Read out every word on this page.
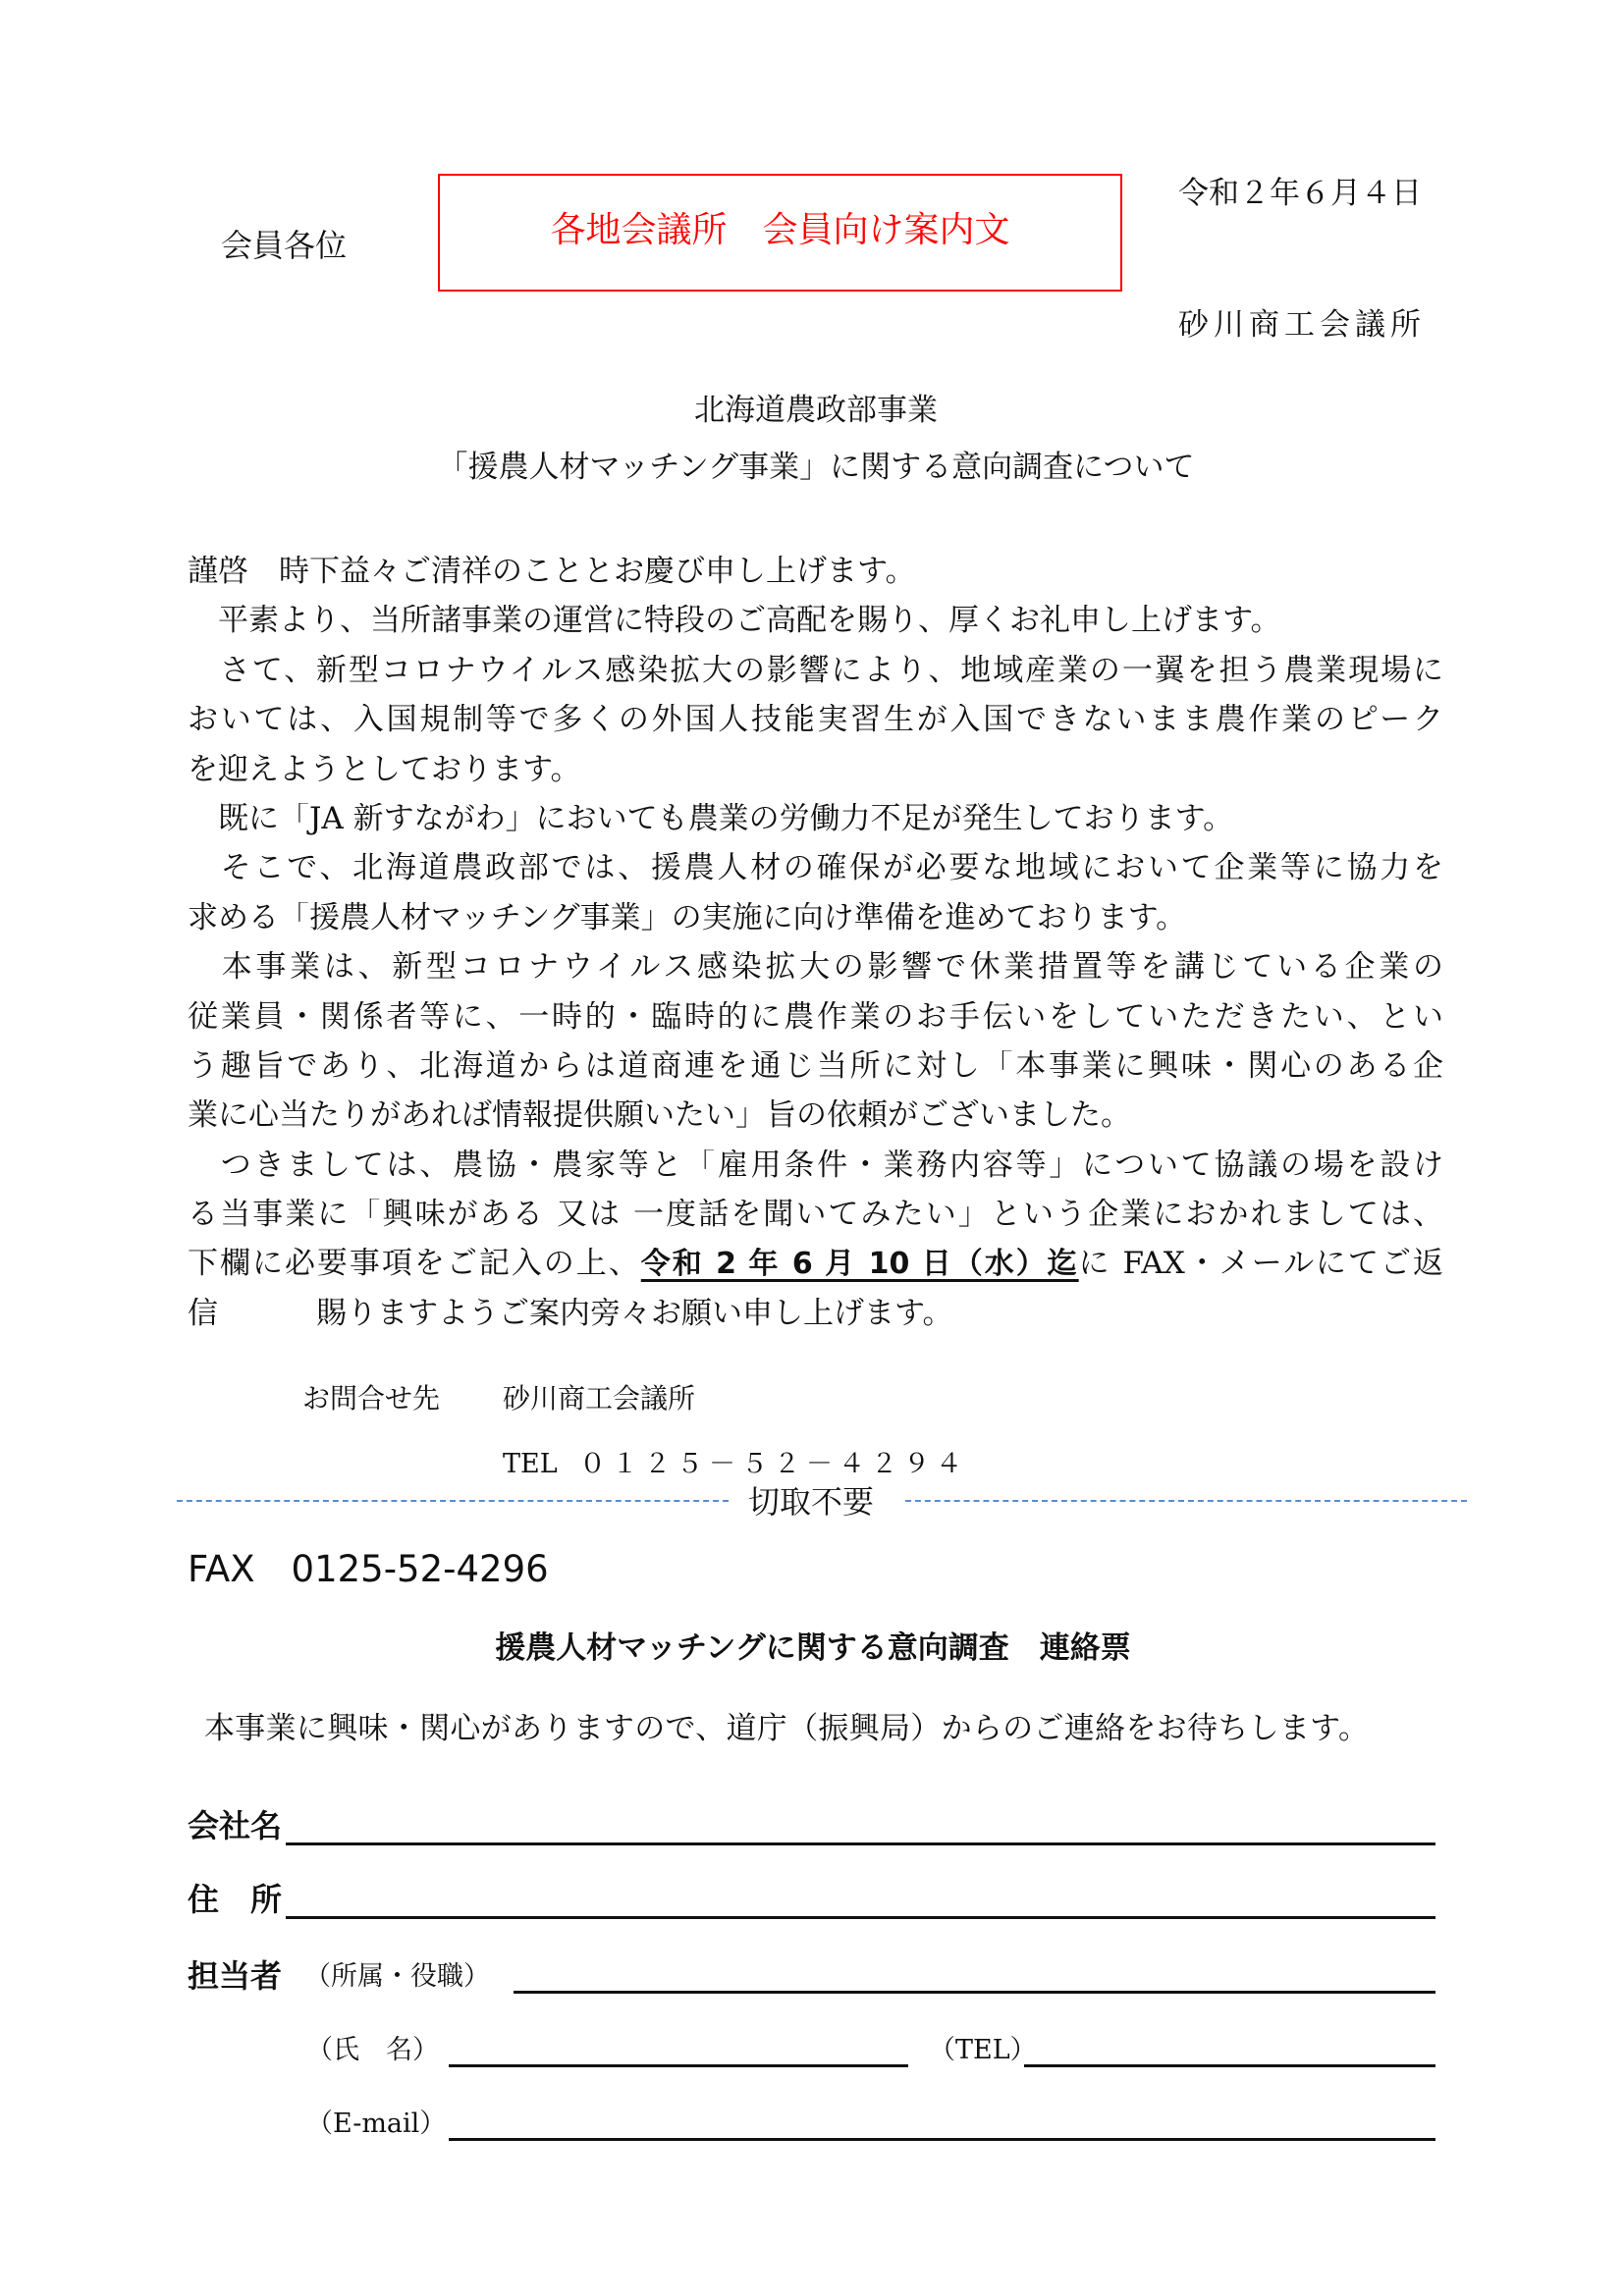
会員各位	各地会議所　会員向け案内文
令和２年６月４日
砂川商工会議所
北海道農政部事業
「援農人材マッチング事業」に関する意向調査について
謹啓　時下益々ご清祥のこととお慶び申し上げます。
　平素より、当所諸事業の運営に特段のご高配を賜り、厚くお礼申し上げます。
　さて、新型コロナウイルス感染拡大の影響により、地域産業の一翼を担う農業現場に
おいては、入国規制等で多くの外国人技能実習生が入国できないまま農作業のピーク
を迎えようとしております。
　既に「JA 新すながわ」においても農業の労働力不足が発生しております。
　そこで、北海道農政部では、援農人材の確保が必要な地域において企業等に協力を
求める「援農人材マッチング事業」の実施に向け準備を進めております。
　本事業は、新型コロナウイルス感染拡大の影響で休業措置等を講じている企業の
従業員・関係者等に、一時的・臨時的に農作業のお手伝いをしていただきたい、とい
う趣旨であり、北海道からは道商連を通じ当所に対し「本事業に興味・関心のある企
業に心当たりがあれば情報提供願いたい」旨の依頼がございました。
　つきましては、農協・農家等と「雇用条件・業務内容等」について協議の場を設け
る当事業に「興味がある 又は 一度話を聞いてみたい」という企業におかれましては、
下欄に必要事項をご記入の上、令和 2 年 6 月 10 日（水）迄に FAX・メールにてご返
信	賜りますようご案内旁々お願い申し上げます。
お問合せ先 砂川商工会議所
TEL ０１２５－５２－４２９４
切取不要
FAX　0125-52-4296
援農人材マッチングに関する意向調査　連絡票
本事業に興味・関心がありますので、道庁（振興局）からのご連絡をお待ちします。
会社名
住　所
担当者 （所属・役職）
（氏　名）	（TEL）
（E-mail）
